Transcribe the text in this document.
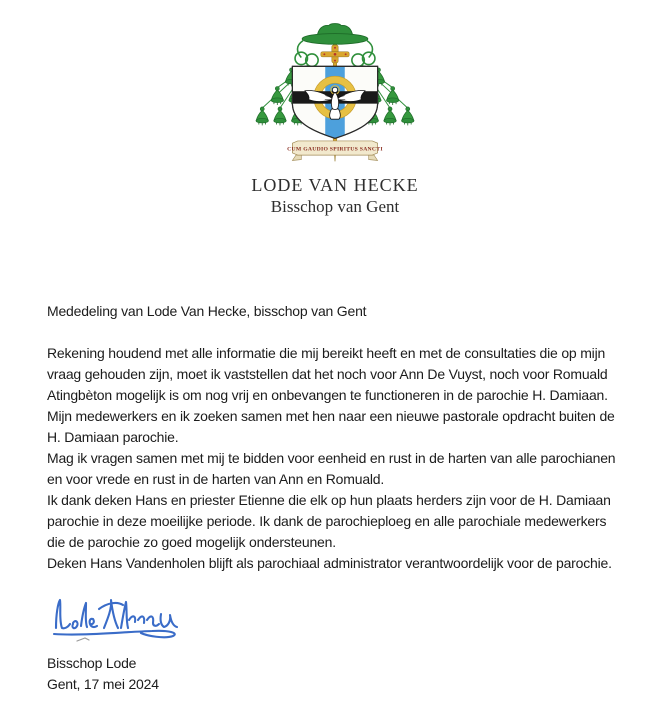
CUM GAUDIO SPIRITUS SANCTI
LODE VAN HECKE
Bisschop van Gent
Mededeling van Lode Van Hecke, bisschop van Gent
Rekening houdend met alle informatie die mij bereikt heeft en met de consultaties die op mijn
vraag gehouden zijn, moet ik vaststellen dat het noch voor Ann De Vuyst, noch voor Romuald
Atingbèton mogelijk is om nog vrij en onbevangen te functioneren in de parochie H. Damiaan.
Mijn medewerkers en ik zoeken samen met hen naar een nieuwe pastorale opdracht buiten de
H. Damiaan parochie.
Mag ik vragen samen met mij te bidden voor eenheid en rust in de harten van alle parochianen
en voor vrede en rust in de harten van Ann en Romuald.
Ik dank deken Hans en priester Etienne die elk op hun plaats herders zijn voor de H. Damiaan
parochie in deze moeilijke periode. Ik dank de parochieploeg en alle parochiale medewerkers
die de parochie zo goed mogelijk ondersteunen.
Deken Hans Vandenholen blijft als parochiaal administrator verantwoordelijk voor de parochie.
Bisschop Lode
Gent, 17 mei 2024
